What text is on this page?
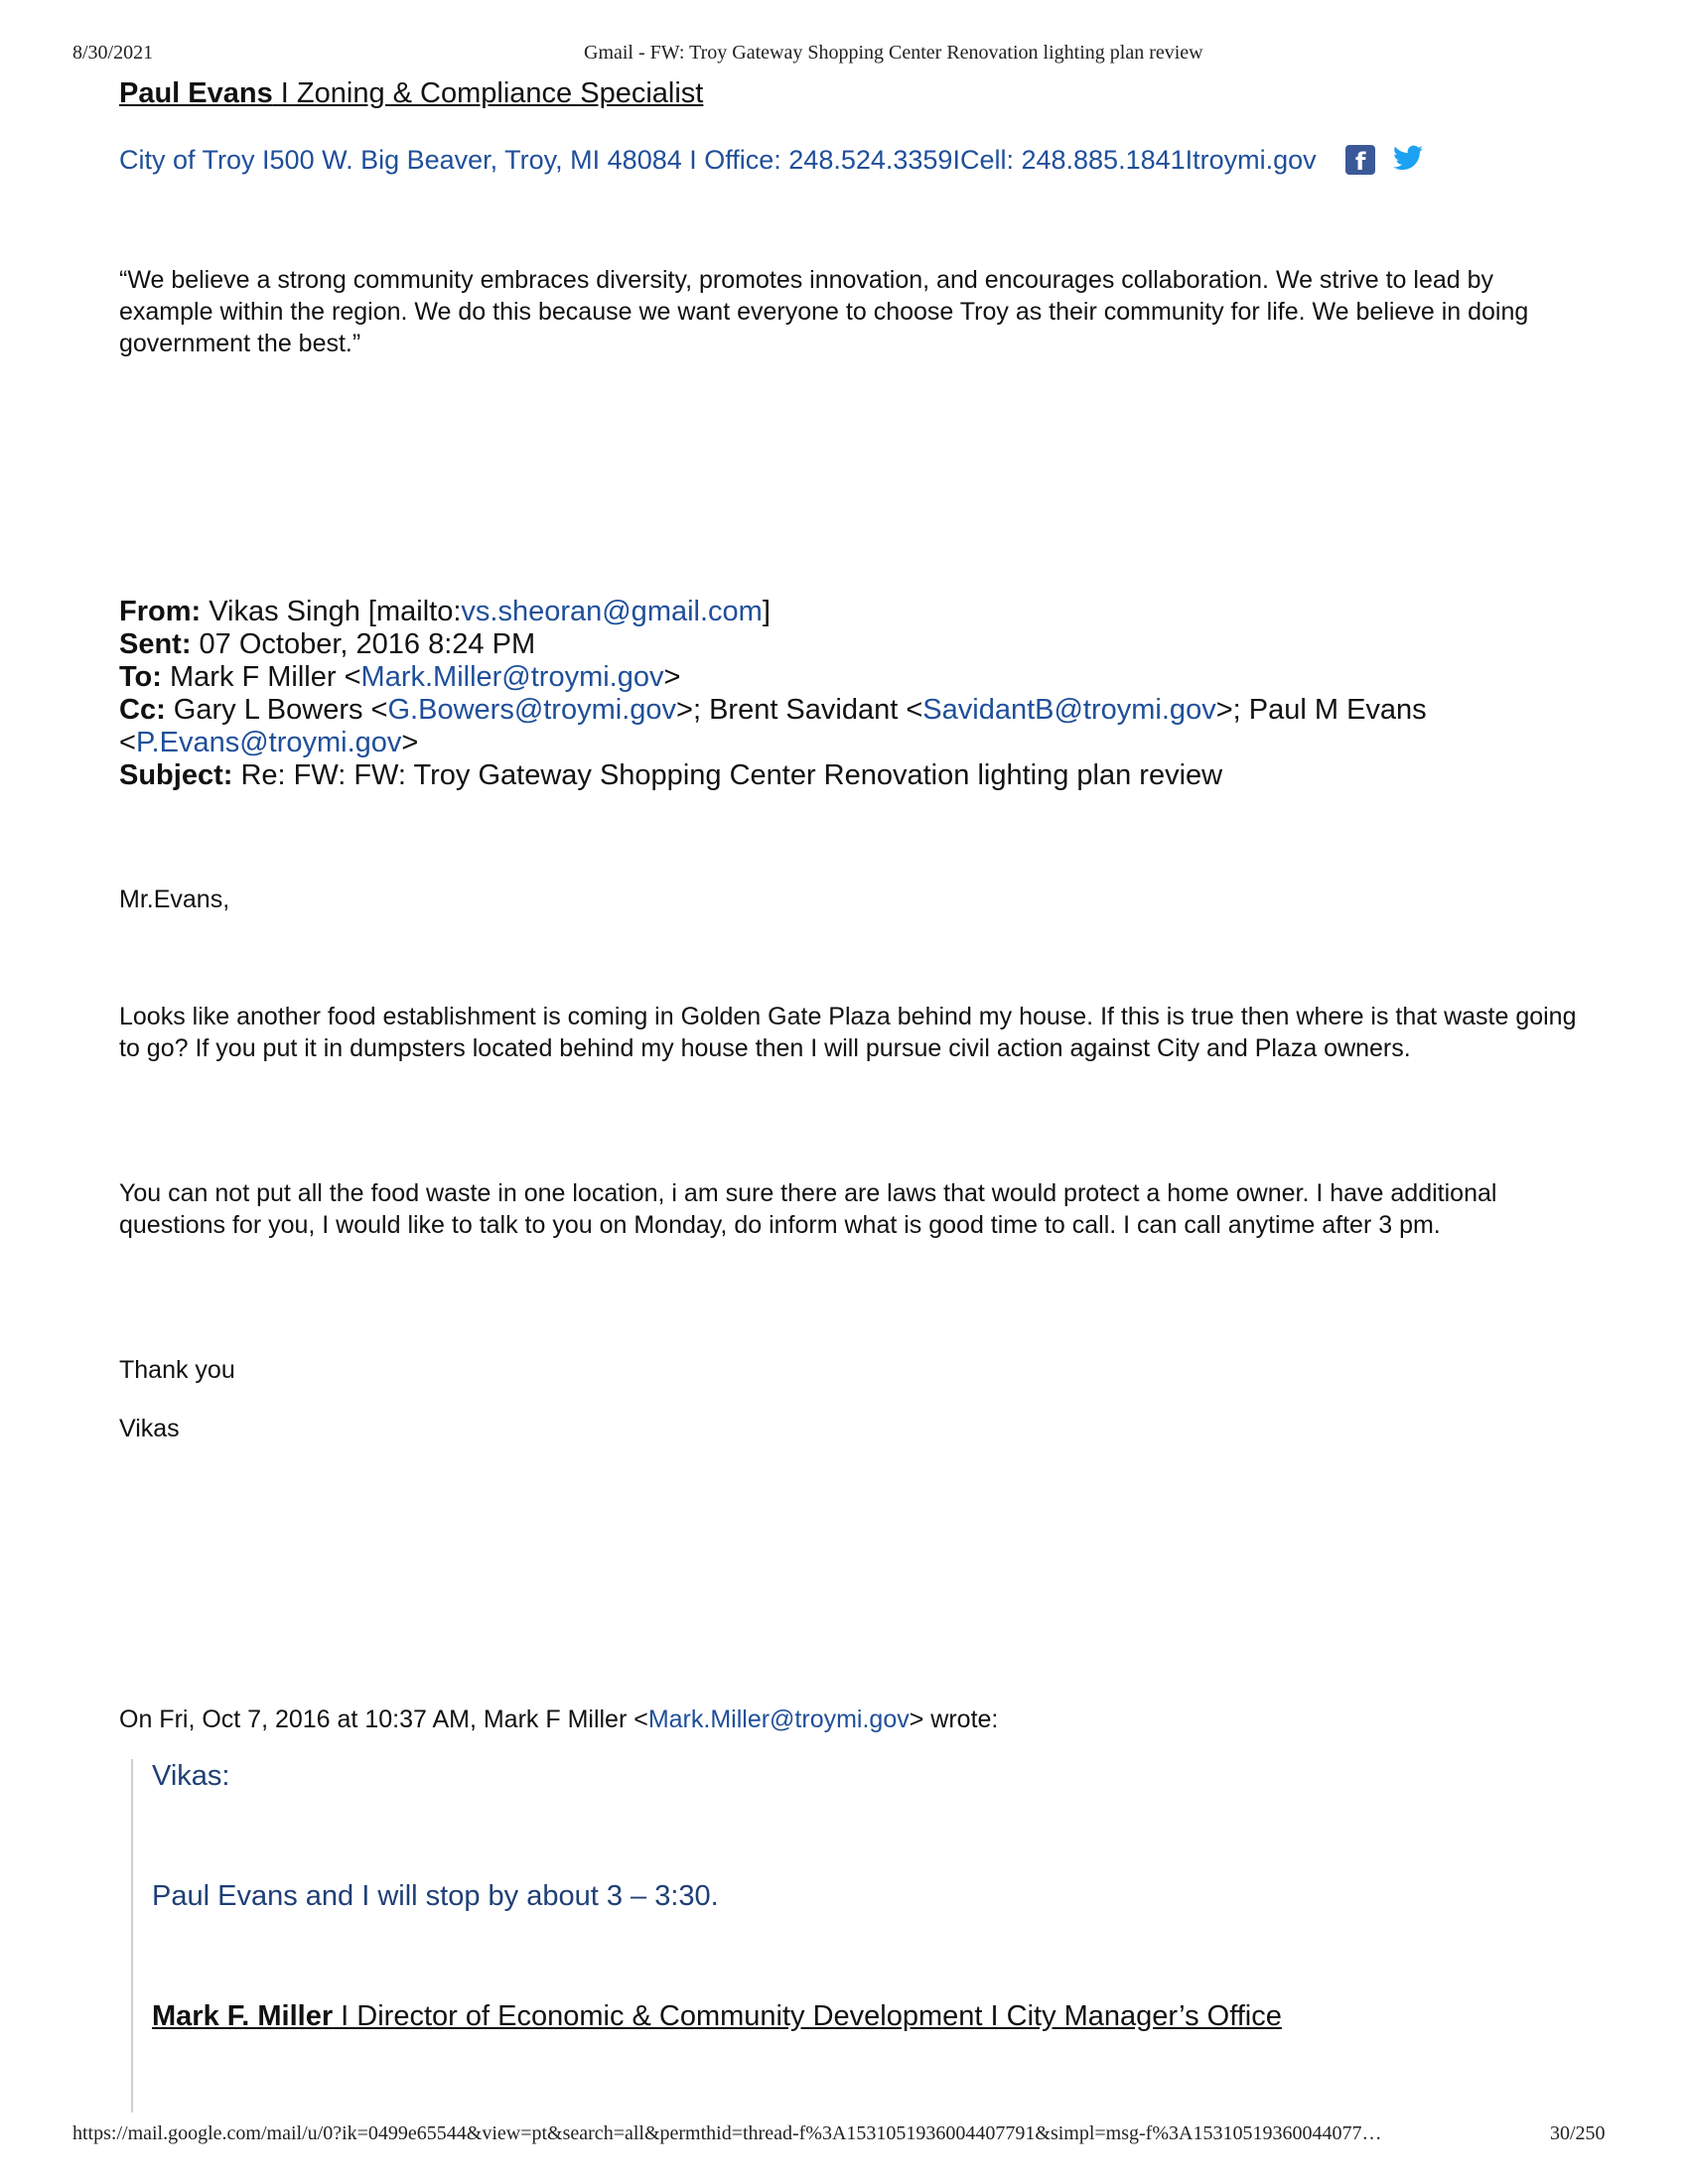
8/30/2021	Gmail - FW: Troy Gateway Shopping Center Renovation lighting plan review
Paul Evans I Zoning & Compliance Specialist
City of Troy I500 W. Big Beaver, Troy, MI 48084 I Office: 248.524.3359ICell: 248.885.1841Itroymi.gov f
“We believe a strong community embraces diversity, promotes innovation, and encourages collaboration. We strive to lead by example within the region. We do this because we want everyone to choose Troy as their community for life. We believe in doing government the best.”
From: Vikas Singh [mailto:vs.sheoran@gmail.com]
Sent: 07 October, 2016 8:24 PM
To: Mark F Miller <Mark.Miller@troymi.gov>
Cc: Gary L Bowers <G.Bowers@troymi.gov>; Brent Savidant <SavidantB@troymi.gov>; Paul M Evans
<P.Evans@troymi.gov>
Subject: Re: FW: FW: Troy Gateway Shopping Center Renovation lighting plan review
Mr.Evans,
Looks like another food establishment is coming in Golden Gate Plaza behind my house. If this is true then where is that waste going to go? If you put it in dumpsters located behind my house then I will pursue civil action against City and Plaza owners.
You can not put all the food waste in one location, i am sure there are laws that would protect a home owner. I have additional questions for you, I would like to talk to you on Monday, do inform what is good time to call. I can call anytime after 3 pm.
Thank you
Vikas
On Fri, Oct 7, 2016 at 10:37 AM, Mark F Miller <Mark.Miller@troymi.gov> wrote:
Vikas:
Paul Evans and I will stop by about 3 – 3:30.
Mark F. Miller I Director of Economic & Community Development I City Manager’s Office
https://mail.google.com/mail/u/0?ik=0499e65544&view=pt&search=all&permthid=thread-f%3A1531051936004407791&simpl=msg-f%3A15310519360044077…	30/250
